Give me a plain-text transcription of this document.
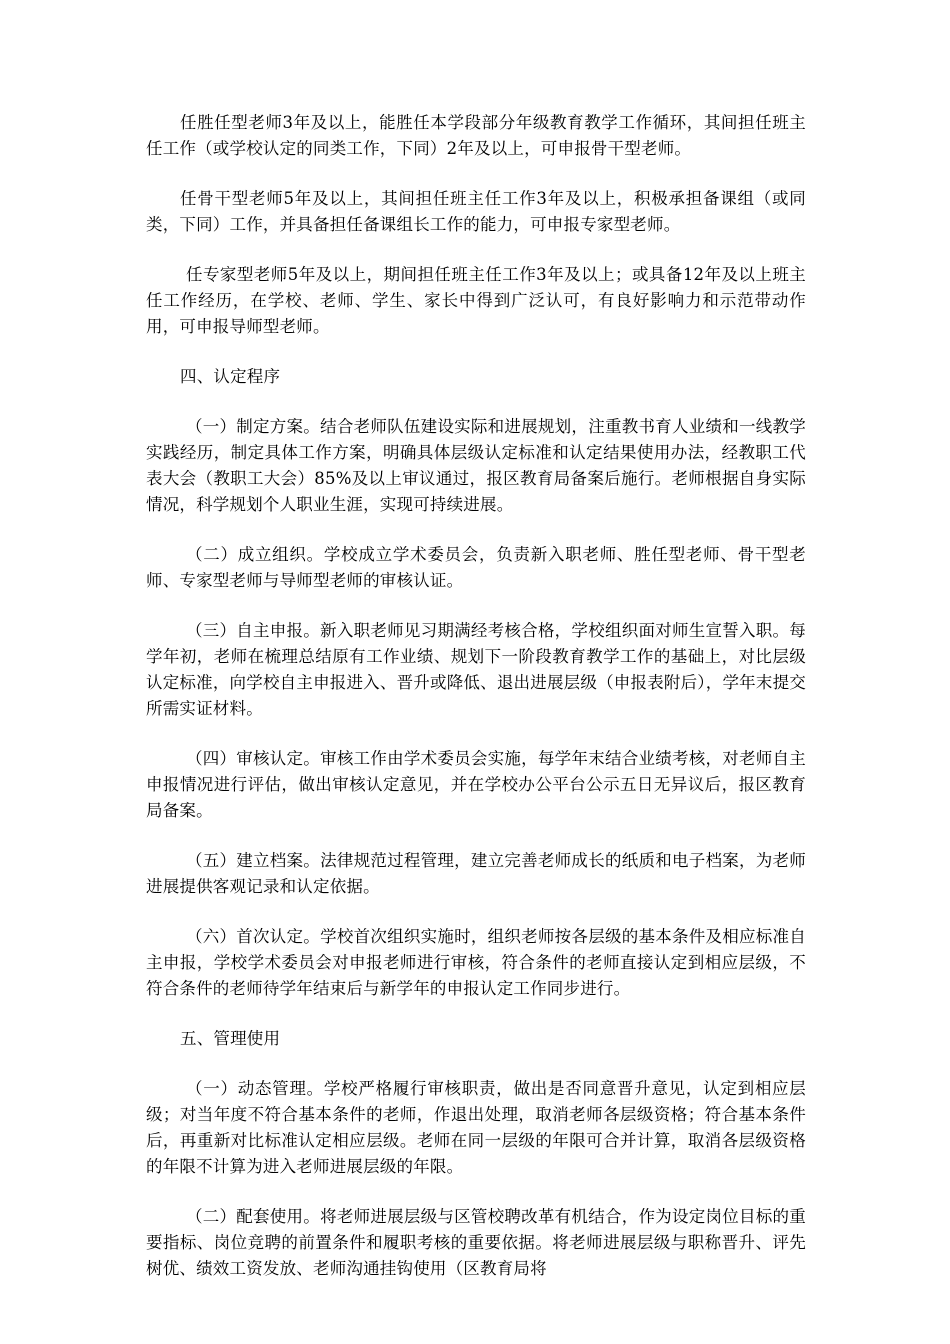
任胜任型老师3年及以上，能胜任本学段部分年级教育教学工作循环，其间担任班主任工作（或学校认定的同类工作，下同）2年及以上，可申报骨干型老师。

任骨干型老师5年及以上，其间担任班主任工作3年及以上，积极承担备课组（或同类，下同）工作，并具备担任备课组长工作的能力，可申报专家型老师。

任专家型老师5年及以上，期间担任班主任工作3年及以上；或具备12年及以上班主任工作经历，在学校、老师、学生、家长中得到广泛认可，有良好影响力和示范带动作用，可申报导师型老师。

四、认定程序

（一）制定方案。结合老师队伍建设实际和进展规划，注重教书育人业绩和一线教学实践经历，制定具体工作方案，明确具体层级认定标准和认定结果使用办法，经教职工代表大会（教职工大会）85%及以上审议通过，报区教育局备案后施行。老师根据自身实际情况，科学规划个人职业生涯，实现可持续进展。

（二）成立组织。学校成立学术委员会，负责新入职老师、胜任型老师、骨干型老师、专家型老师与导师型老师的审核认证。

（三）自主申报。新入职老师见习期满经考核合格，学校组织面对师生宣誓入职。每学年初，老师在梳理总结原有工作业绩、规划下一阶段教育教学工作的基础上，对比层级认定标准，向学校自主申报进入、晋升或降低、退出进展层级（申报表附后），学年末提交所需实证材料。

（四）审核认定。审核工作由学术委员会实施，每学年末结合业绩考核，对老师自主申报情况进行评估，做出审核认定意见，并在学校办公平台公示五日无异议后，报区教育局备案。

（五）建立档案。法律规范过程管理，建立完善老师成长的纸质和电子档案，为老师进展提供客观记录和认定依据。

（六）首次认定。学校首次组织实施时，组织老师按各层级的基本条件及相应标准自主申报，学校学术委员会对申报老师进行审核，符合条件的老师直接认定到相应层级，不符合条件的老师待学年结束后与新学年的申报认定工作同步进行。

五、管理使用

（一）动态管理。学校严格履行审核职责，做出是否同意晋升意见，认定到相应层级；对当年度不符合基本条件的老师，作退出处理，取消老师各层级资格；符合基本条件后，再重新对比标准认定相应层级。老师在同一层级的年限可合并计算，取消各层级资格的年限不计算为进入老师进展层级的年限。

（二）配套使用。将老师进展层级与区管校聘改革有机结合，作为设定岗位目标的重要指标、岗位竞聘的前置条件和履职考核的重要依据。将老师进展层级与职称晋升、评先树优、绩效工资发放、老师沟通挂钩使用（区教育局将
